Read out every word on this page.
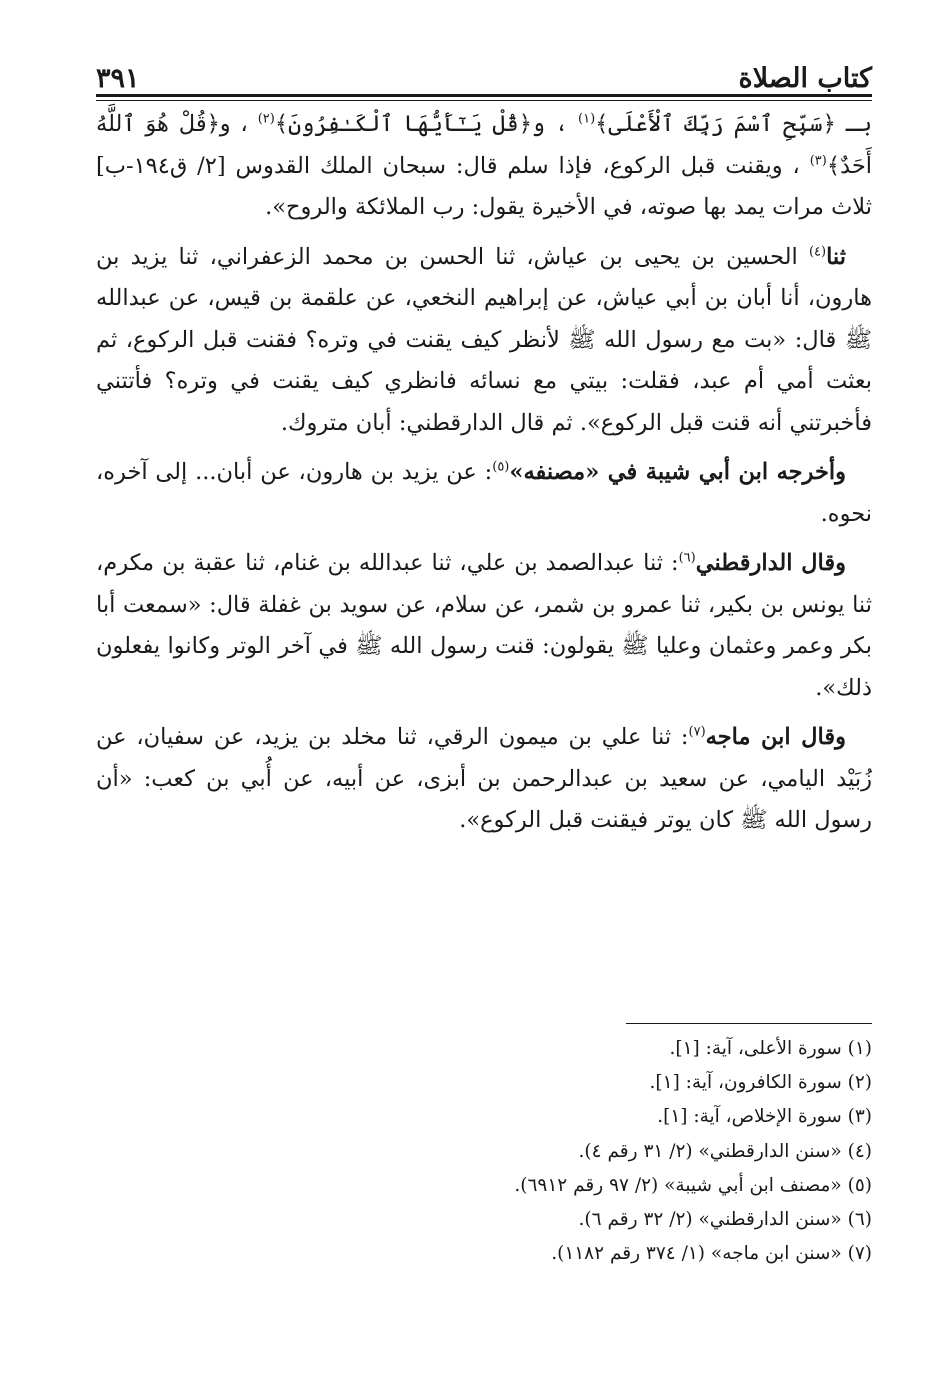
كتاب الصلاة
٣٩١

بـ ﴿سَبِّحِ ٱسْمَ رَبِّكَ ٱلْأَعْلَى﴾$^{(١)}$ ، و﴿قُلْ يَـٰٓأَيُّهَا ٱلْكَـٰفِرُونَ﴾$^{(٢)}$ ، و﴿قُلْ هُوَ ٱللَّهُ أَحَدٌ﴾$^{(٣)}$ ، ويقنت قبل الركوع، فإذا سلم قال: سبحان الملك القدوس [٢/ ق١٩٤-ب] ثلاث مرات يمد بها صوته، في الأخيرة يقول: رب الملائكة والروح».

ثنا$^{(٤)}$ الحسين بن يحيى بن عياش، ثنا الحسن بن محمد الزعفراني، ثنا يزيد بن هارون، أنا أبان بن أبي عياش، عن إبراهيم النخعي، عن علقمة بن قيس، عن عبدالله ﷺ قال: «بت مع رسول الله ﷺ لأنظر كيف يقنت في وتره؟ فقنت قبل الركوع، ثم بعثت أمي أم عبد، فقلت: بيتي مع نسائه فانظري كيف يقنت في وتره؟ فأتتني فأخبرتني أنه قنت قبل الركوع». ثم قال الدارقطني: أبان متروك.

وأخرجه ابن أبي شيبة في «مصنفه»$^{(٥)}$: عن يزيد بن هارون، عن أبان... إلى آخره، نحوه.

وقال الدارقطني$^{(٦)}$: ثنا عبدالصمد بن علي، ثنا عبدالله بن غنام، ثنا عقبة بن مكرم، ثنا يونس بن بكير، ثنا عمرو بن شمر، عن سلام، عن سويد بن غفلة قال: «سمعت أبا بكر وعمر وعثمان وعليا ﷺ يقولون: قنت رسول الله ﷺ في آخر الوتر وكانوا يفعلون ذلك».

وقال ابن ماجه$^{(٧)}$: ثنا علي بن ميمون الرقي، ثنا مخلد بن يزيد، عن سفيان، عن زُبَيْد اليامي، عن سعيد بن عبدالرحمن بن أبزى، عن أبيه، عن أُبي بن كعب: «أن رسول الله ﷺ كان يوتر فيقنت قبل الركوع».

(١) سورة الأعلى، آية: [١].
(٢) سورة الكافرون، آية: [١].
(٣) سورة الإخلاص، آية: [١].
(٤) «سنن الدارقطني» (٢/ ٣١ رقم ٤).
(٥) «مصنف ابن أبي شيبة» (٢/ ٩٧ رقم ٦٩١٢).
(٦) «سنن الدارقطني» (٢/ ٣٢ رقم ٦).
(٧) «سنن ابن ماجه» (١/ ٣٧٤ رقم ١١٨٢).
